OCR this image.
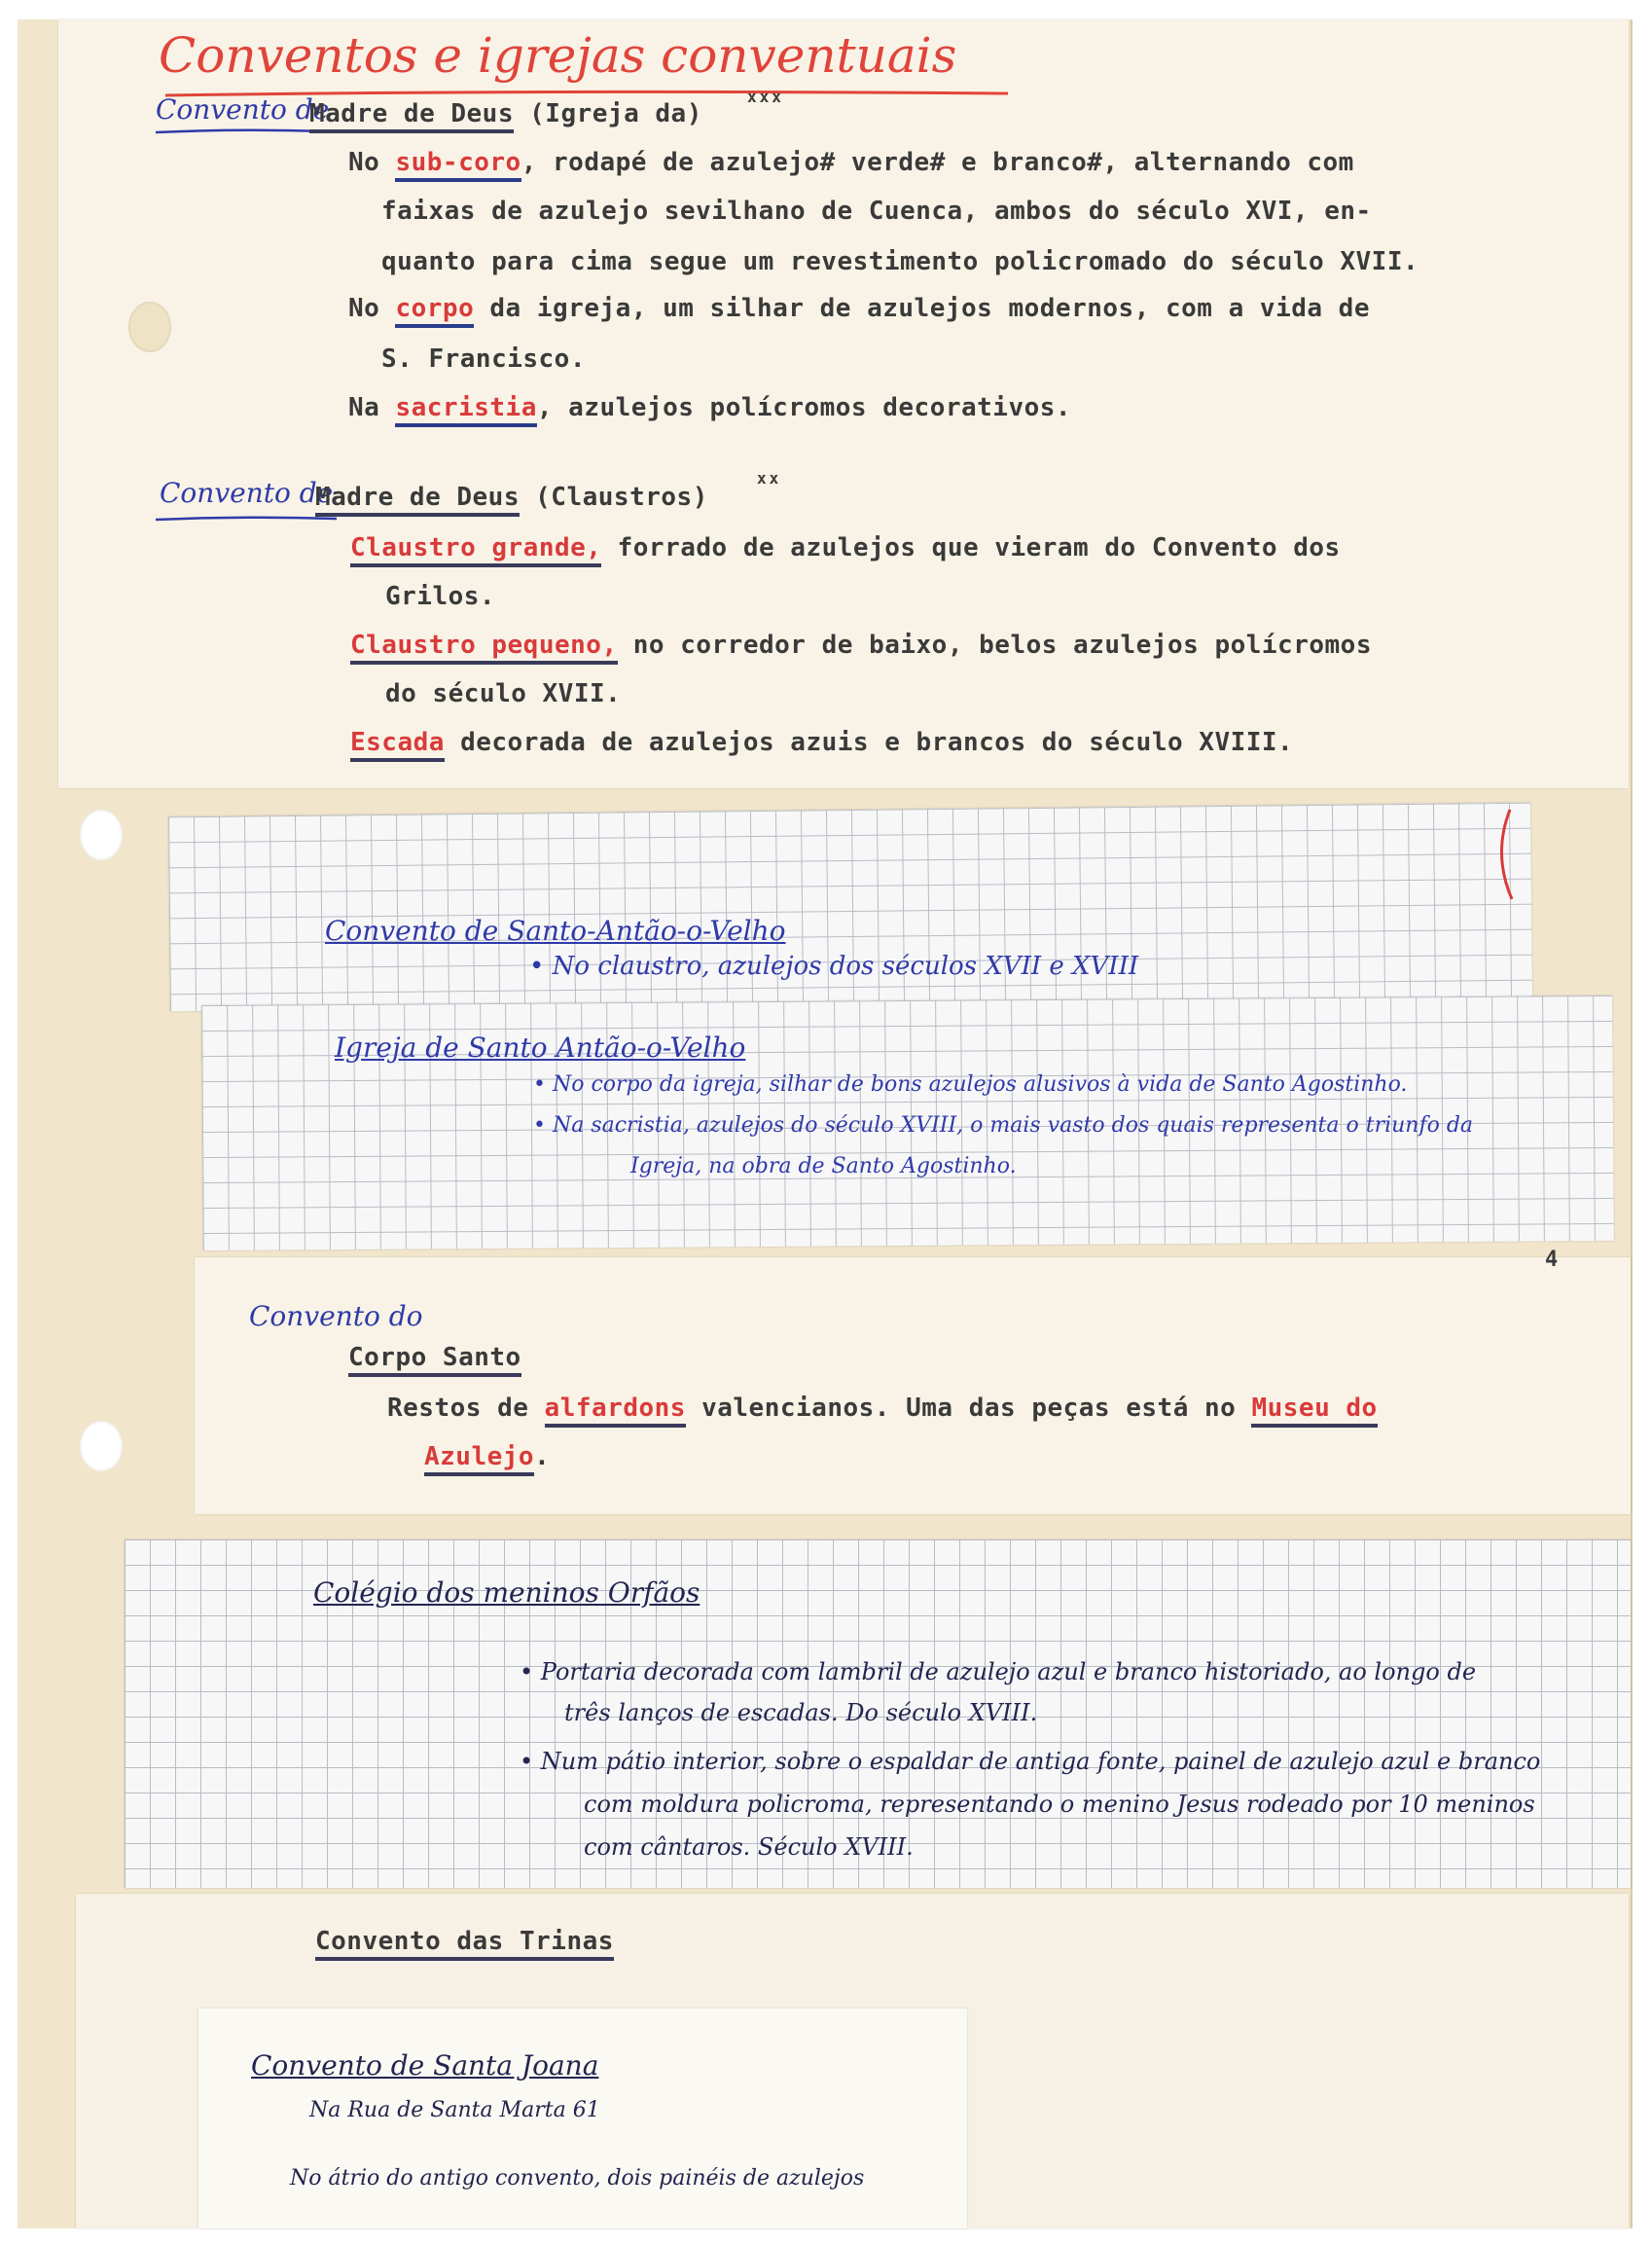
Conventos e igrejas conventuais
Convento de
Madre de Deus (Igreja da)
xxx
No sub-coro, rodapé de azulejo# verde# e branco#, alternando com
faixas de azulejo sevilhano de Cuenca, ambos do século XVI, en-
quanto para cima segue um revestimento policromado do século XVII.
No corpo da igreja, um silhar de azulejos modernos, com a vida de
S. Francisco.
Na sacristia, azulejos polícromos decorativos.
Convento de
Madre de Deus (Claustros)
xx
Claustro grande, forrado de azulejos que vieram do Convento dos
Grilos.
Claustro pequeno, no corredor de baixo, belos azulejos polícromos
do século XVII.
Escada decorada de azulejos azuis e brancos do século XVIII.
Convento de Santo-Antão-o-Velho
• No claustro, azulejos dos séculos XVII e XVIII
Igreja de Santo Antão-o-Velho
• No corpo da igreja, silhar de bons azulejos alusivos à vida de Santo Agostinho.
• Na sacristia, azulejos do século XVIII, o mais vasto dos quais representa o triunfo da
Igreja, na obra de Santo Agostinho.
4
Convento do
Corpo Santo
Restos de alfardons valencianos. Uma das peças está no Museu do
Azulejo.
Colégio dos meninos Orfãos
• Portaria decorada com lambril de azulejo azul e branco historiado, ao longo de
três lanços de escadas. Do século XVIII.
• Num pátio interior, sobre o espaldar de antiga fonte, painel de azulejo azul e branco
com moldura policroma, representando o menino Jesus rodeado por 10 meninos
com cântaros. Século XVIII.
Convento das Trinas
Convento de Santa Joana
Na Rua de Santa Marta 61
No átrio do antigo convento, dois painéis de azulejos
